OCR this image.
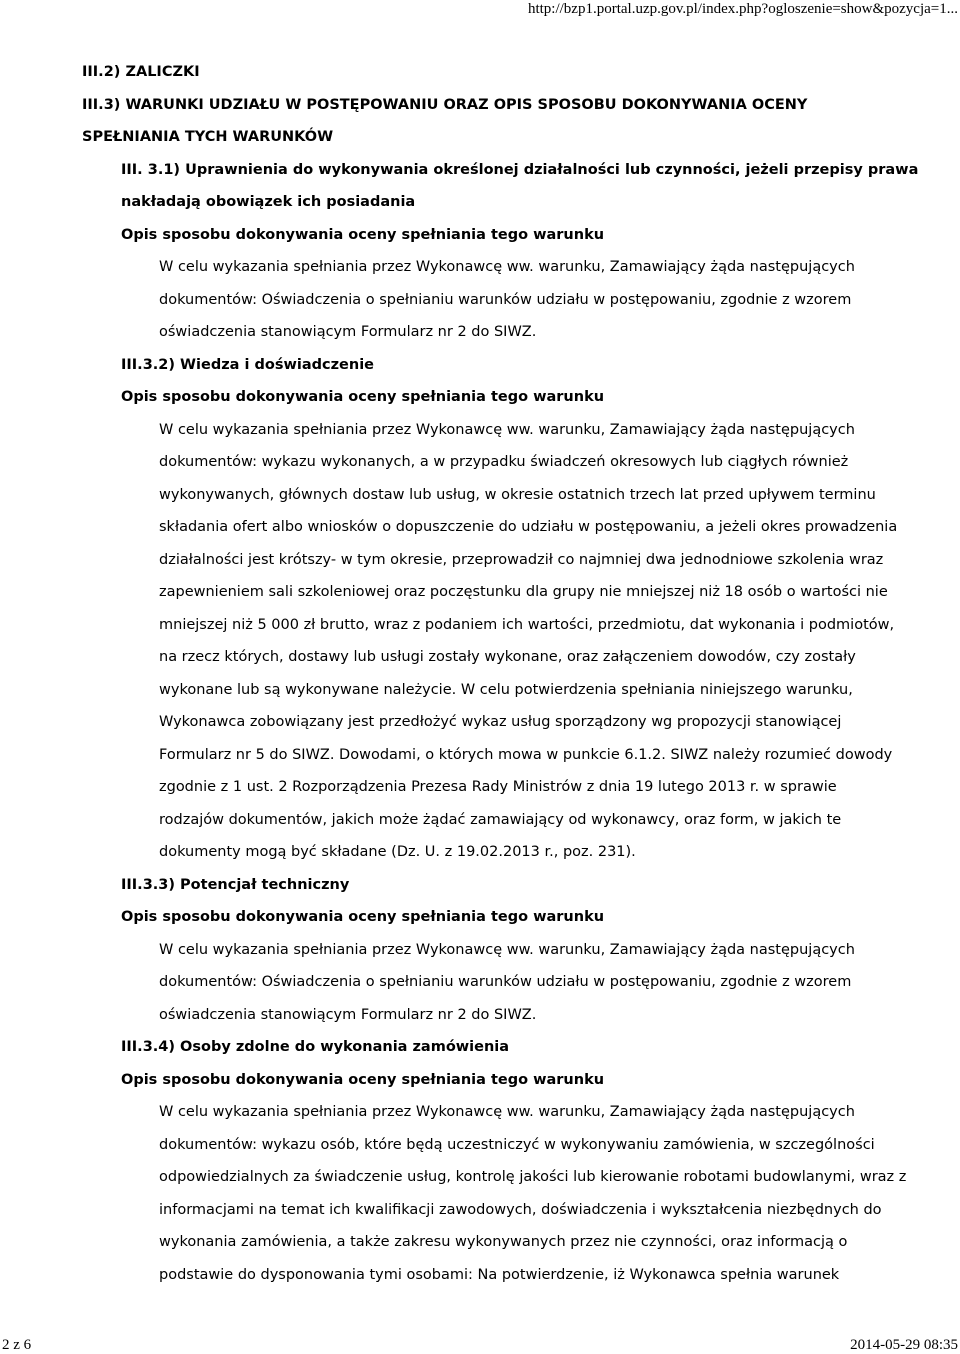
http://bzp1.portal.uzp.gov.pl/index.php?ogloszenie=show&pozycja=1...
III.2) ZALICZKI
III.3) WARUNKI UDZIAŁU W POSTĘPOWANIU ORAZ OPIS SPOSOBU DOKONYWANIA OCENY
SPEŁNIANIA TYCH WARUNKÓW
III. 3.1) Uprawnienia do wykonywania określonej działalności lub czynności, jeżeli przepisy prawa
nakładają obowiązek ich posiadania
Opis sposobu dokonywania oceny spełniania tego warunku
W celu wykazania spełniania przez Wykonawcę ww. warunku, Zamawiający żąda następujących
dokumentów: Oświadczenia o spełnianiu warunków udziału w postępowaniu, zgodnie z wzorem
oświadczenia stanowiącym Formularz nr 2 do SIWZ.
III.3.2) Wiedza i doświadczenie
Opis sposobu dokonywania oceny spełniania tego warunku
W celu wykazania spełniania przez Wykonawcę ww. warunku, Zamawiający żąda następujących
dokumentów: wykazu wykonanych, a w przypadku świadczeń okresowych lub ciągłych również
wykonywanych, głównych dostaw lub usług, w okresie ostatnich trzech lat przed upływem terminu
składania ofert albo wniosków o dopuszczenie do udziału w postępowaniu, a jeżeli okres prowadzenia
działalności jest krótszy- w tym okresie, przeprowadził co najmniej dwa jednodniowe szkolenia wraz
zapewnieniem sali szkoleniowej oraz poczęstunku dla grupy nie mniejszej niż 18 osób o wartości nie
mniejszej niż 5 000 zł brutto, wraz z podaniem ich wartości, przedmiotu, dat wykonania i podmiotów,
na rzecz których, dostawy lub usługi zostały wykonane, oraz załączeniem dowodów, czy zostały
wykonane lub są wykonywane należycie. W celu potwierdzenia spełniania niniejszego warunku,
Wykonawca zobowiązany jest przedłożyć wykaz usług sporządzony wg propozycji stanowiącej
Formularz nr 5 do SIWZ. Dowodami, o których mowa w punkcie 6.1.2. SIWZ należy rozumieć dowody
zgodnie z 1 ust. 2 Rozporządzenia Prezesa Rady Ministrów z dnia 19 lutego 2013 r. w sprawie
rodzajów dokumentów, jakich może żądać zamawiający od wykonawcy, oraz form, w jakich te
dokumenty mogą być składane (Dz. U. z 19.02.2013 r., poz. 231).
III.3.3) Potencjał techniczny
Opis sposobu dokonywania oceny spełniania tego warunku
W celu wykazania spełniania przez Wykonawcę ww. warunku, Zamawiający żąda następujących
dokumentów: Oświadczenia o spełnianiu warunków udziału w postępowaniu, zgodnie z wzorem
oświadczenia stanowiącym Formularz nr 2 do SIWZ.
III.3.4) Osoby zdolne do wykonania zamówienia
Opis sposobu dokonywania oceny spełniania tego warunku
W celu wykazania spełniania przez Wykonawcę ww. warunku, Zamawiający żąda następujących
dokumentów: wykazu osób, które będą uczestniczyć w wykonywaniu zamówienia, w szczególności
odpowiedzialnych za świadczenie usług, kontrolę jakości lub kierowanie robotami budowlanymi, wraz z
informacjami na temat ich kwalifikacji zawodowych, doświadczenia i wykształcenia niezbędnych do
wykonania zamówienia, a także zakresu wykonywanych przez nie czynności, oraz informacją o
podstawie do dysponowania tymi osobami: Na potwierdzenie, iż Wykonawca spełnia warunek
2 z 6	2014-05-29 08:35
